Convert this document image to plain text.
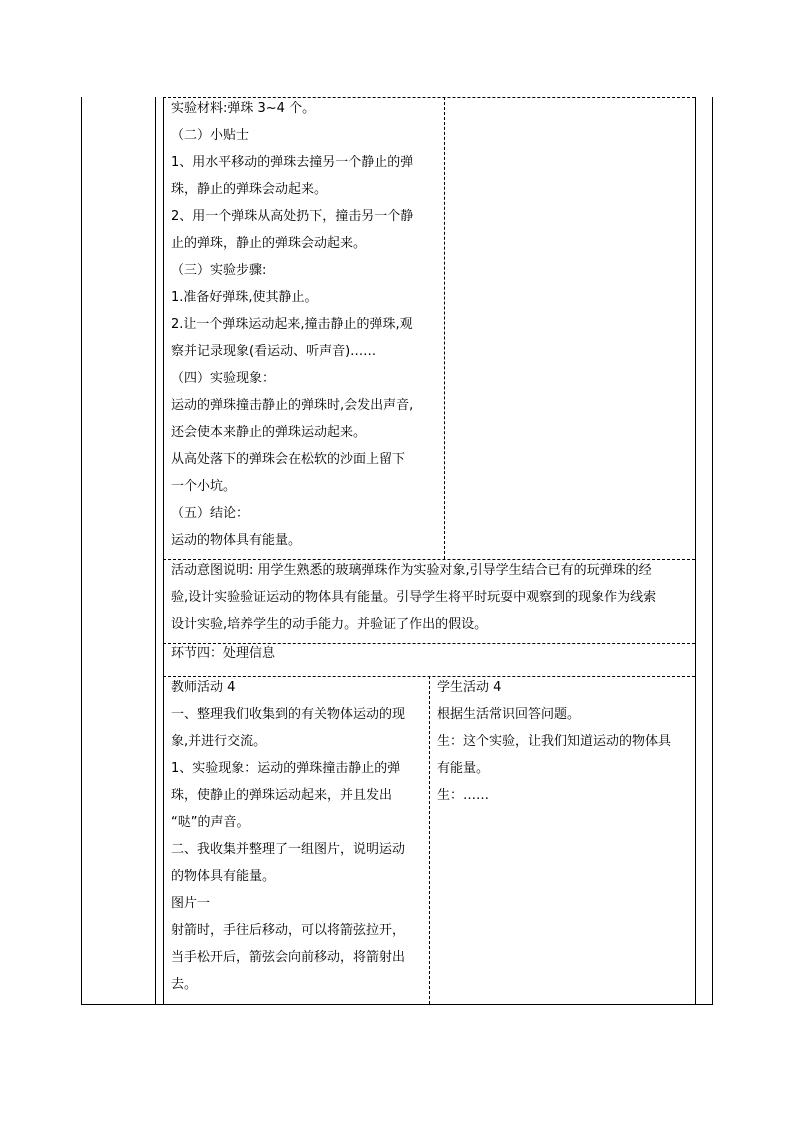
实验材料:弹珠 3~4 个。
（二）小贴士
1、用水平移动的弹珠去撞另一个静止的弹
珠，静止的弹珠会动起来。
2、用一个弹珠从高处扔下，撞击另一个静
止的弹珠，静止的弹珠会动起来。
（三）实验步骤:
1.准备好弹珠,使其静止。
2.让一个弹珠运动起来,撞击静止的弹珠,观
察并记录现象(看运动、听声音)……
（四）实验现象：
运动的弹珠撞击静止的弹珠时,会发出声音,
还会使本来静止的弹珠运动起来。
从高处落下的弹珠会在松软的沙面上留下
一个小坑。
（五）结论：
运动的物体具有能量。
活动意图说明: 用学生熟悉的玻璃弹珠作为实验对象,引导学生结合已有的玩弹珠的经
验,设计实验验证运动的物体具有能量。引导学生将平时玩耍中观察到的现象作为线索
设计实验,培养学生的动手能力。并验证了作出的假设。
环节四：处理信息
教师活动 4
一、整理我们收集到的有关物体运动的现
象,并进行交流。
1、实验现象：运动的弹珠撞击静止的弹
珠，使静止的弹珠运动起来，并且发出
“哒”的声音。
二、我收集并整理了一组图片，说明运动
的物体具有能量。
图片一
射箭时，手往后移动，可以将箭弦拉开，
当手松开后，箭弦会向前移动，将箭射出
去。
学生活动 4
根据生活常识回答问题。
生：这个实验，让我们知道运动的物体具
有能量。
生：……
